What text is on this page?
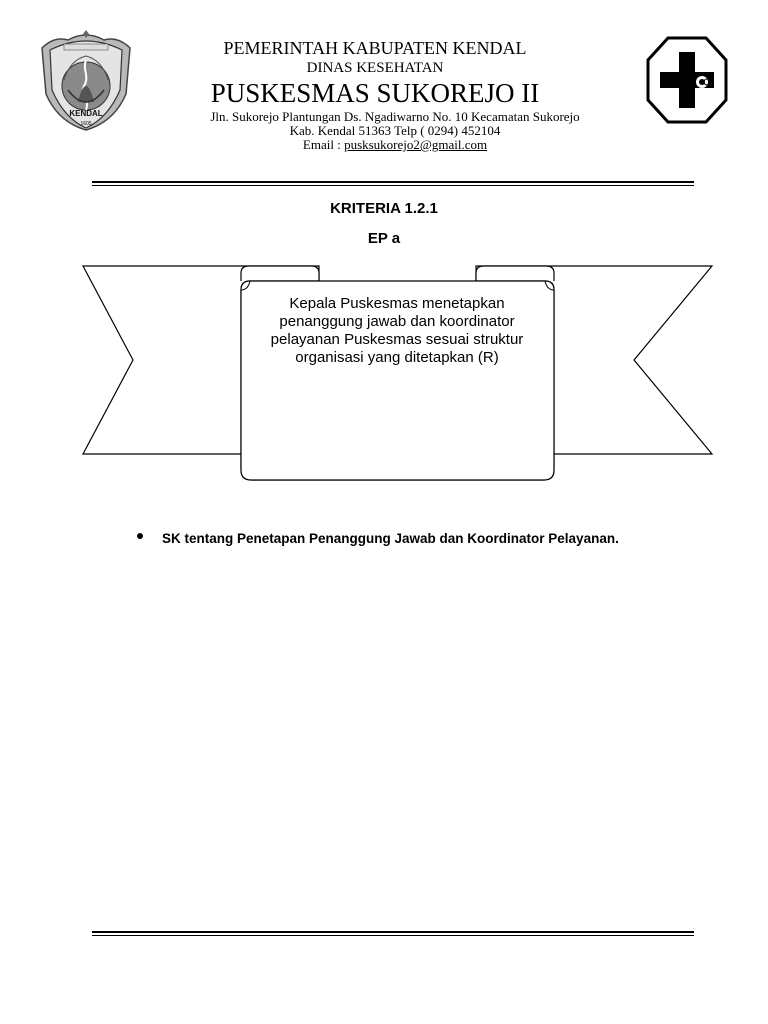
KENDAL
1605
PEMERINTAH KABUPATEN KENDAL
DINAS KESEHATAN
PUSKESMAS SUKOREJO II
Jln. Sukorejo Plantungan Ds. Ngadiwarno No. 10 Kecamatan Sukorejo
Kab. Kendal 51363 Telp ( 0294) 452104
Email : pusksukorejo2@gmail.com
KRITERIA 1.2.1
EP a
Kepala Puskesmas menetapkan penanggung jawab dan koordinator pelayanan Puskesmas sesuai struktur organisasi yang ditetapkan (R)
SK tentang Penetapan Penanggung Jawab dan Koordinator Pelayanan.
